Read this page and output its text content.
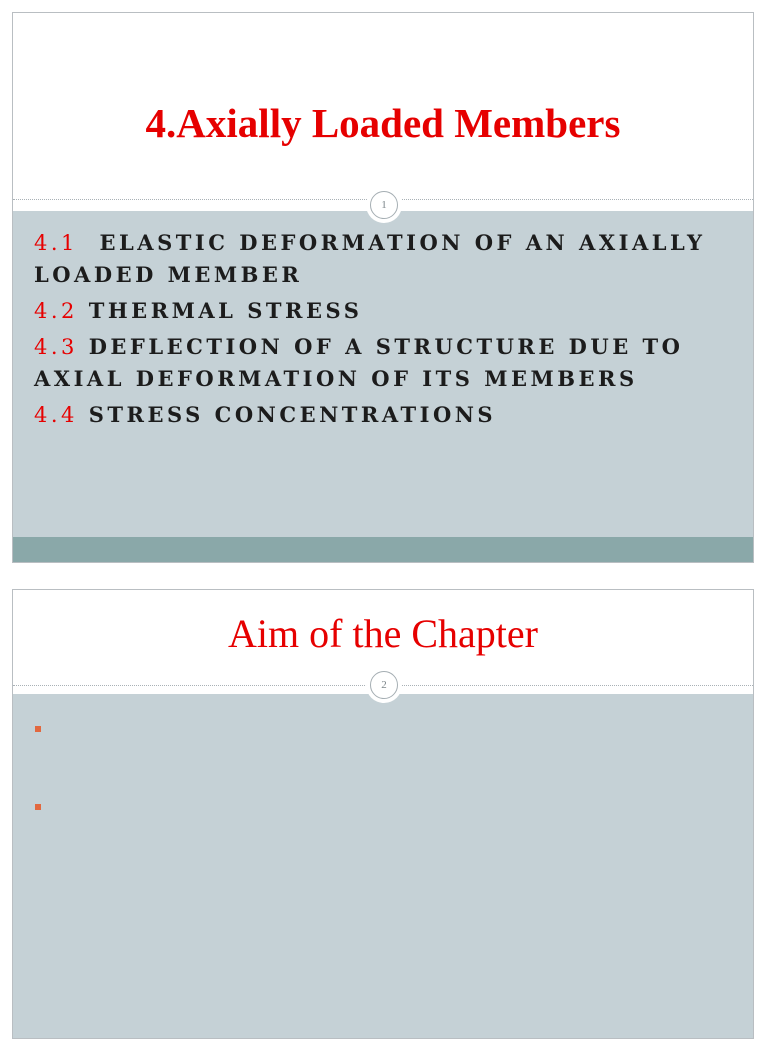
4.Axially Loaded Members
1
4.1 ELASTIC DEFORMATION OF AN AXIALLY LOADED MEMBER
4.2 THERMAL STRESS
4.3 DEFLECTION OF A STRUCTURE DUE TO AXIAL DEFORMATION OF ITS MEMBERS
4.4 STRESS CONCENTRATIONS
Aim of the Chapter
2
